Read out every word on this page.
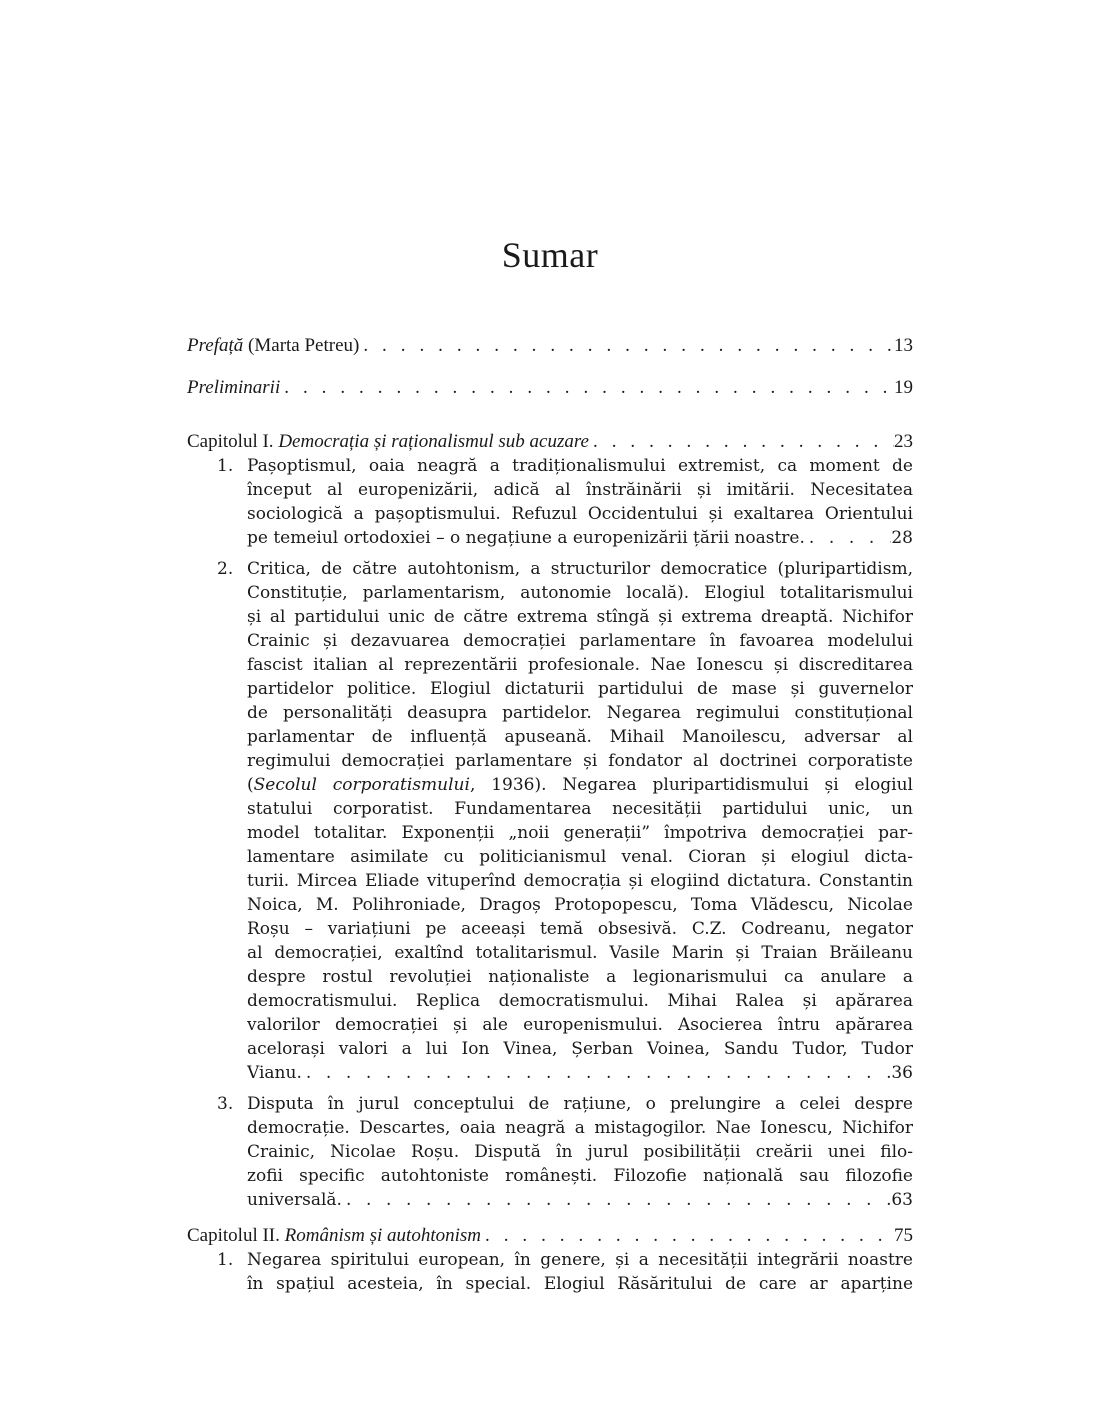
Sumar
Prefață (Marta Petreu) . . .	13
Preliminarii . . .	19
Capitolul I. Democrația și raționalismul sub acuzare . . .	23
1. Pașoptismul, oaia neagră a tradiționalismului extremist, ca moment de
început al europenizării, adică al înstrăinării și imitării. Necesitatea
sociologică a pașoptismului. Refuzul Occidentului și exaltarea Orientului
pe temeiul ortodoxiei – o negațiune a europenizării țării noastre. . . .	28
2. Critica, de către autohtonism, a structurilor democratice (pluripartidism,
Constituție, parlamentarism, autonomie locală). Elogiul totalitarismului
și al partidului unic de către extrema stîngă și extrema dreaptă. Nichifor
Crainic și dezavuarea democrației parlamentare în favoarea modelului
fascist italian al reprezentării profesionale. Nae Ionescu și discreditarea
partidelor politice. Elogiul dictaturii partidului de mase și guvernelor
de personalități deasupra partidelor. Negarea regimului constituțional
parlamentar de influență apuseană. Mihail Manoilescu, adversar al
regimului democrației parlamentare și fondator al doctrinei corporatiste
(Secolul corporatismului, 1936). Negarea pluripartidismului și elogiul
statului corporatist. Fundamentarea necesității partidului unic, un
model totalitar. Exponenții „noii generații” împotriva democrației par-
lamentare asimilate cu politicianismul venal. Cioran și elogiul dicta-
turii. Mircea Eliade vituperînd democrația și elogiind dictatura. Constantin
Noica, M. Polihroniade, Dragoș Protopopescu, Toma Vlădescu, Nicolae
Roșu – variațiuni pe aceeași temă obsesivă. C.Z. Codreanu, negator
al democrației, exaltînd totalitarismul. Vasile Marin și Traian Brăileanu
despre rostul revoluției naționaliste a legionarismului ca anulare a
democratismului. Replica democratismului. Mihai Ralea și apărarea
valorilor democrației și ale europenismului. Asocierea întru apărarea
acelorași valori a lui Ion Vinea, Șerban Voinea, Sandu Tudor, Tudor
Vianu. . . .	36
3. Disputa în jurul conceptului de rațiune, o prelungire a celei despre
democrație. Descartes, oaia neagră a mistagogilor. Nae Ionescu, Nichifor
Crainic, Nicolae Roșu. Dispută în jurul posibilității creării unei filo-
zofii specific autohtoniste românești. Filozofie națională sau filozofie
universală. . . .	63
Capitolul II. Românism și autohtonism . . .	75
1. Negarea spiritului european, în genere, și a necesității integrării noastre
în spațiul acesteia, în special. Elogiul Răsăritului de care ar aparține
